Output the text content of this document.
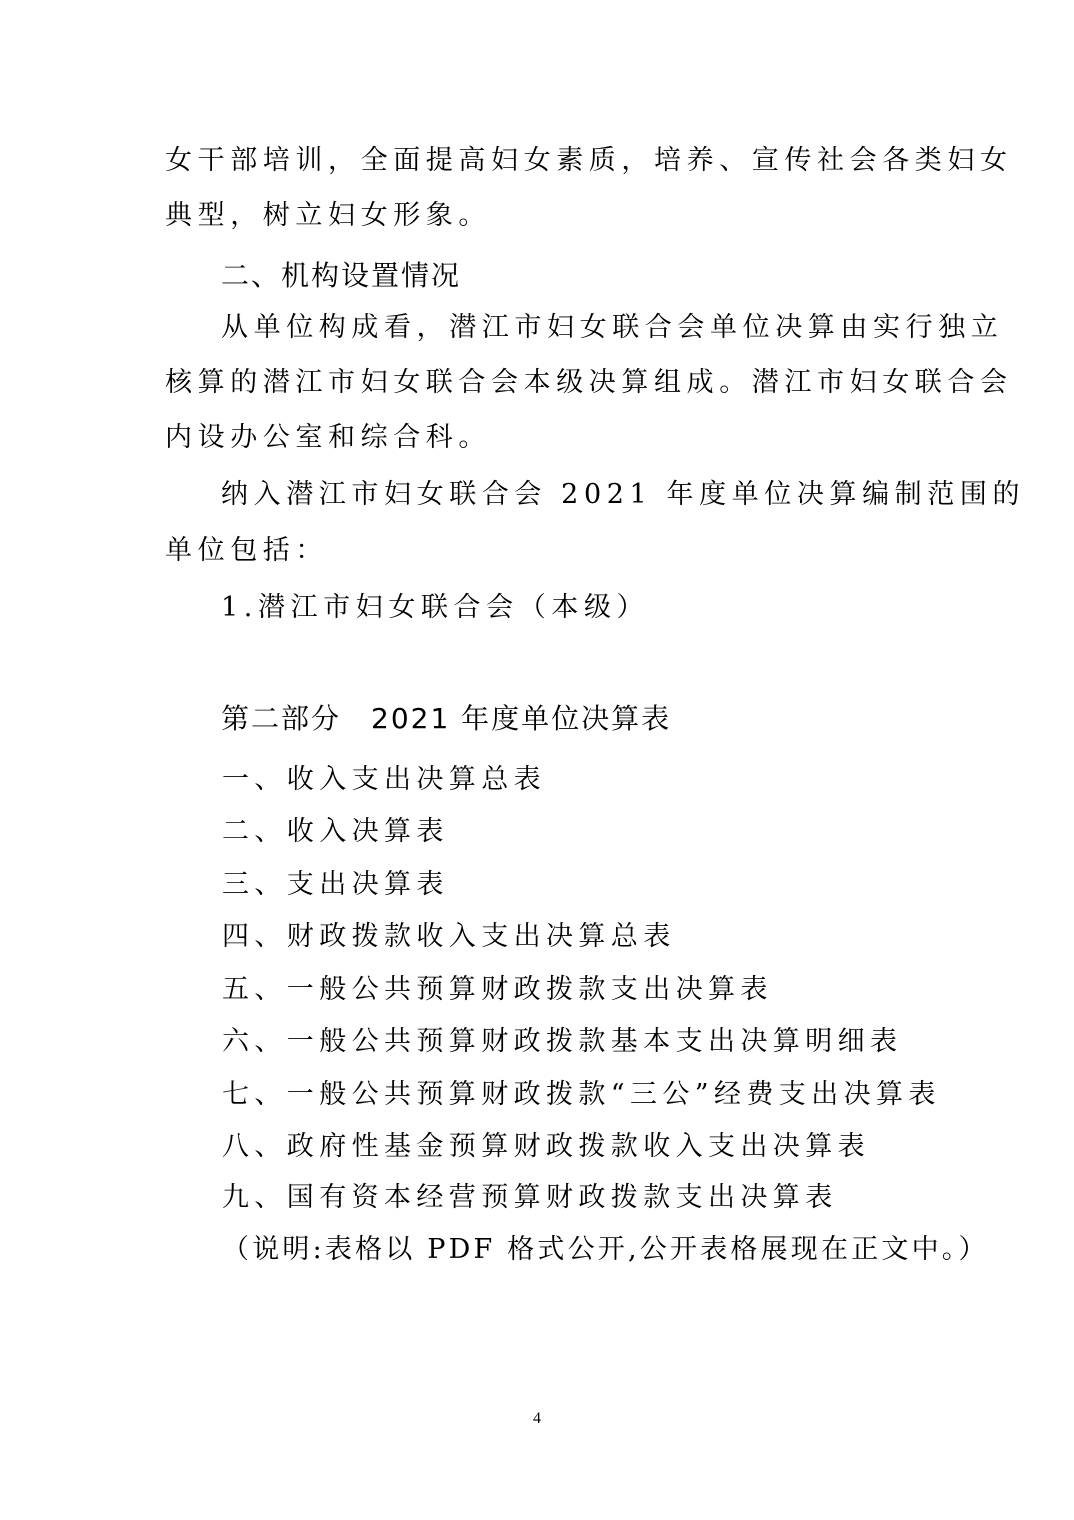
女干部培训，全面提高妇女素质，培养、宣传社会各类妇女
典型，树立妇女形象。
二、机构设置情况
从单位构成看，潜江市妇女联合会单位决算由实行独立
核算的潜江市妇女联合会本级决算组成。潜江市妇女联合会
内设办公室和综合科。
纳入潜江市妇女联合会 2021 年度单位决算编制范围的
单位包括：
1.潜江市妇女联合会（本级）
第二部分　2021 年度单位决算表
一、收入支出决算总表
二、收入决算表
三、支出决算表
四、财政拨款收入支出决算总表
五、一般公共预算财政拨款支出决算表
六、一般公共预算财政拨款基本支出决算明细表
七、一般公共预算财政拨款“三公”经费支出决算表
八、政府性基金预算财政拨款收入支出决算表
九、国有资本经营预算财政拨款支出决算表
（说明:表格以 PDF 格式公开,公开表格展现在正文中。）
4
